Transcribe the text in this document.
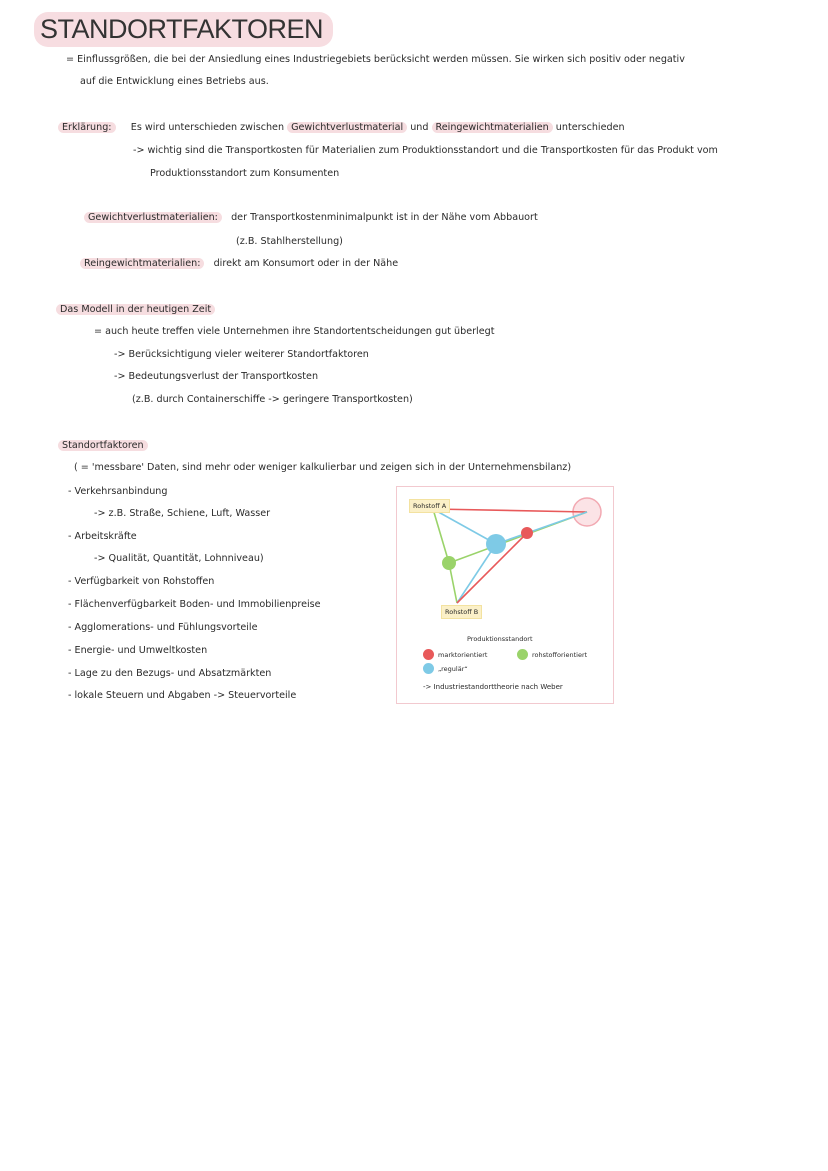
STANDORTFAKTOREN
= Einflussgrößen, die bei der Ansiedlung eines Industriegebiets berücksicht werden müssen. Sie wirken sich positiv oder negativ
auf die Entwicklung eines Betriebs aus.
Erklärung: Es wird unterschieden zwischen Gewichtverlustmaterial und Reingewichtmaterialien unterschieden
-> wichtig sind die Transportkosten für Materialien zum Produktionsstandort und die Transportkosten für das Produkt vom
Produktionsstandort zum Konsumenten
Gewichtverlustmaterialien: der Transportkostenminimalpunkt ist in der Nähe vom Abbauort
(z.B. Stahlherstellung)
Reingewichtmaterialien: direkt am Konsumort oder in der Nähe
Das Modell in der heutigen Zeit
= auch heute treffen viele Unternehmen ihre Standortentscheidungen gut überlegt
-> Berücksichtigung vieler weiterer Standortfaktoren
-> Bedeutungsverlust der Transportkosten
(z.B. durch Containerschiffe -> geringere Transportkosten)
Standortfaktoren
( = 'messbare' Daten, sind mehr oder weniger kalkulierbar und zeigen sich in der Unternehmensbilanz)
- Verkehrsanbindung
-> z.B. Straße, Schiene, Luft, Wasser
- Arbeitskräfte
-> Qualität, Quantität, Lohnniveau)
- Verfügbarkeit von Rohstoffen
- Flächenverfügbarkeit Boden- und Immobilienpreise
- Agglomerations- und Fühlungsvorteile
- Energie- und Umweltkosten
- Lage zu den Bezugs- und Absatzmärkten
- lokale Steuern und Abgaben -> Steuervorteile
Rohstoff A
Rohstoff B
Produktionsstandort
marktorientiert	rohstofforientiert
„regulär“
-> Industriestandorttheorie nach Weber
